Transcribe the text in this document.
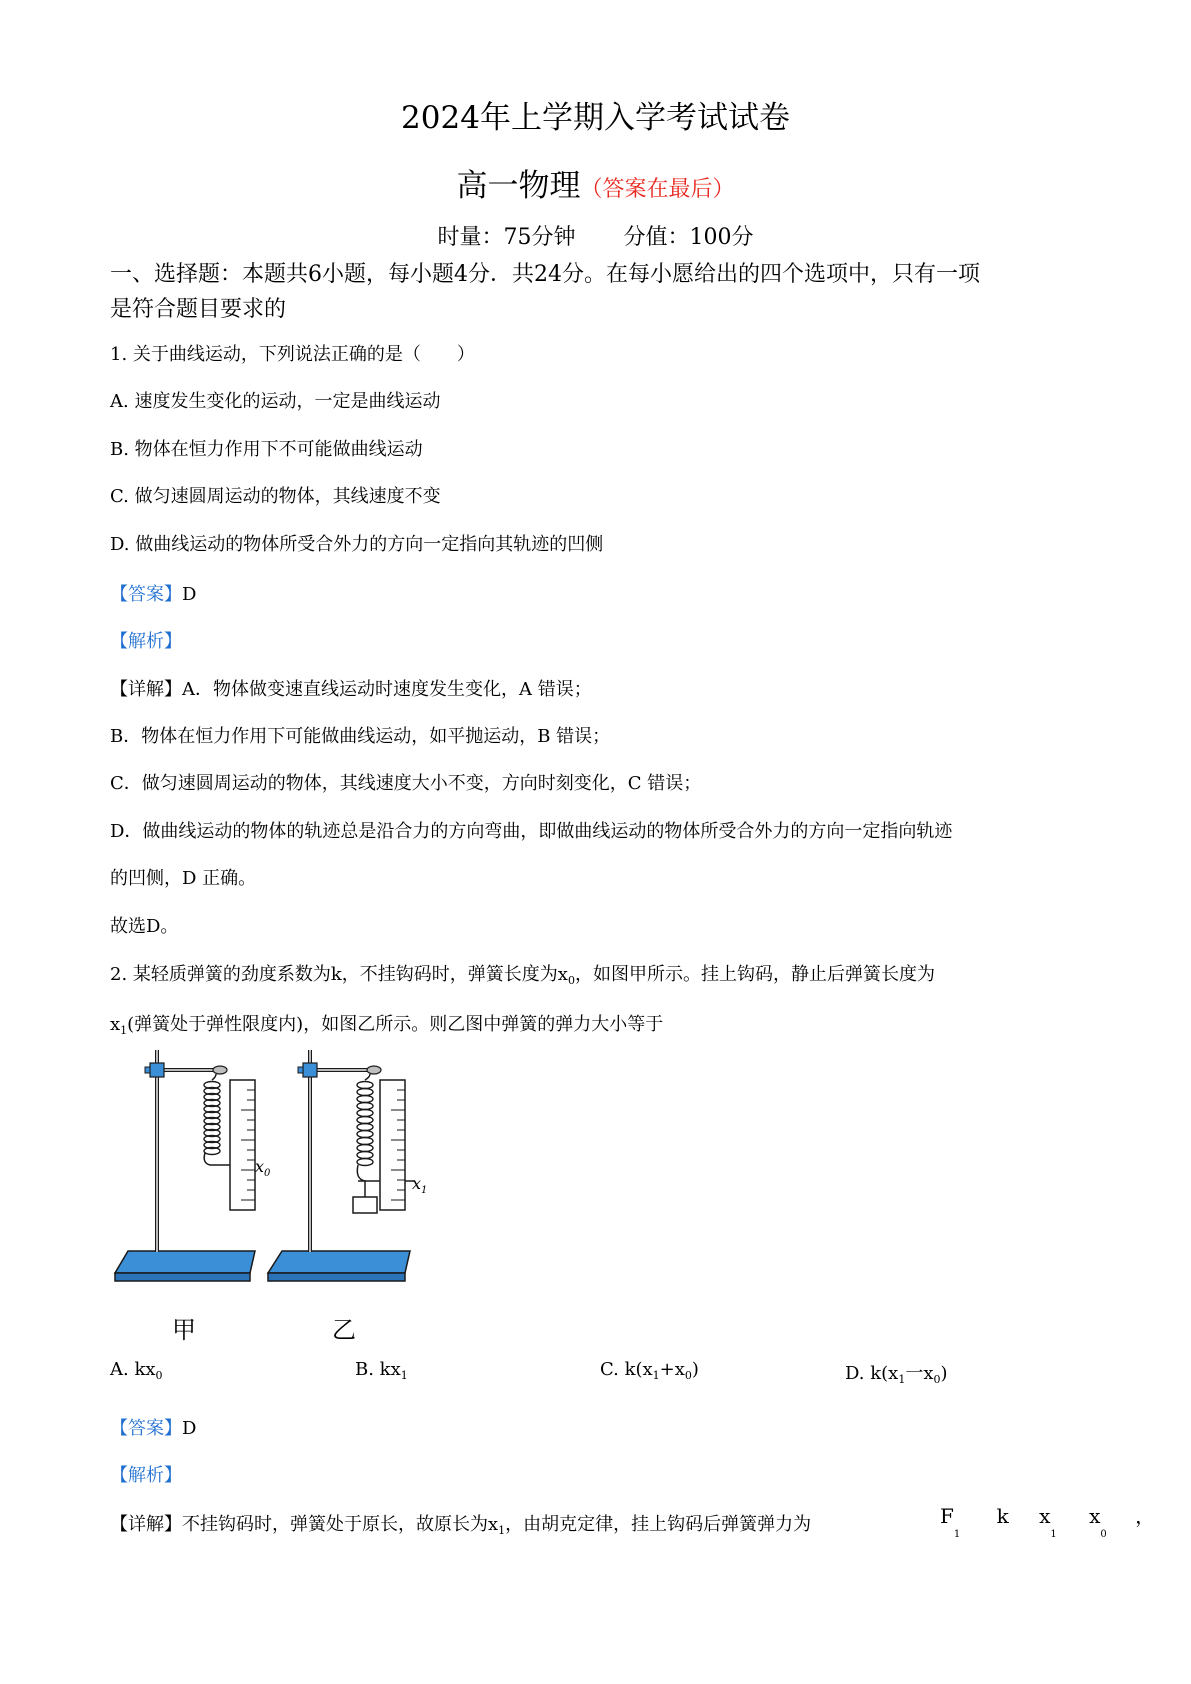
2024年上学期入学考试试卷
高一物理（答案在最后）
时量：75分钟 分值：100分
一、选择题：本题共6小题，每小题4分．共24分。在每小愿给出的四个选项中，只有一项
是符合题目要求的
1. 关于曲线运动，下列说法正确的是（　　）
A. 速度发生变化的运动，一定是曲线运动
B. 物体在恒力作用下不可能做曲线运动
C. 做匀速圆周运动的物体，其线速度不变
D. 做曲线运动的物体所受合外力的方向一定指向其轨迹的凹侧
【答案】D
【解析】
【详解】A．物体做变速直线运动时速度发生变化，A 错误；
B．物体在恒力作用下可能做曲线运动，如平抛运动，B 错误；
C．做匀速圆周运动的物体，其线速度大小不变，方向时刻变化，C 错误；
D．做曲线运动的物体的轨迹总是沿合力的方向弯曲，即做曲线运动的物体所受合外力的方向一定指向轨迹
的凹侧，D 正确。
故选D。
2. 某轻质弹簧的劲度系数为k，不挂钩码时，弹簧长度为$x_0$，如图甲所示。挂上钩码，静止后弹簧长度为
$x_1$(弹簧处于弹性限度内)，如图乙所示。则乙图中弹簧的弹力大小等于
$x_0$
$x_1$
甲	乙
A. $kx_0$	B. $kx_1$	C. $k(x_1+x_0)$	D. $k(x_1$一$x_0$)
【答案】D
【解析】
【详解】不挂钩码时，弹簧处于原长，故原长为$x_1$，由胡克定律，挂上钩码后弹簧弹力为	$F_1$ k $x_1$ $x_0$ ，
